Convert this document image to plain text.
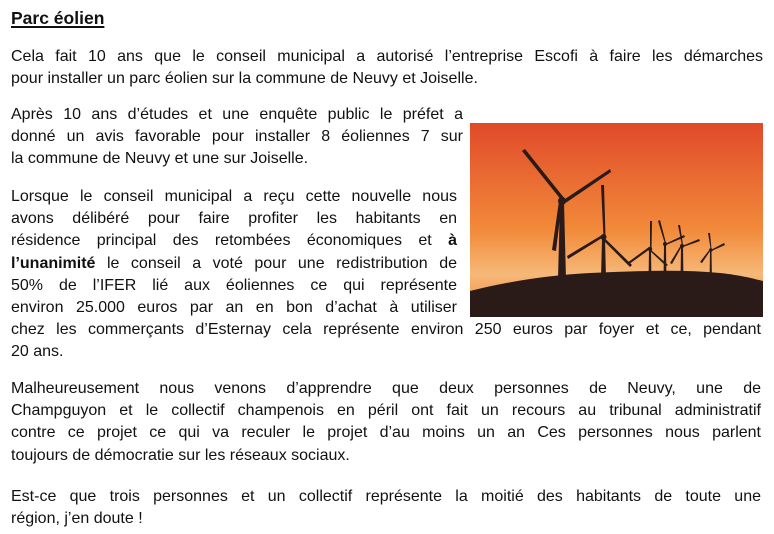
Parc éolien

Cela fait 10 ans que le conseil municipal a autorisé l’entreprise Escofi à faire les démarches
pour installer un parc éolien sur la commune de Neuvy et Joiselle.

Après 10 ans d’études et une enquête public le préfet a
donné un avis favorable pour installer 8 éoliennes 7 sur
la commune de Neuvy et une sur Joiselle.

Lorsque le conseil municipal a reçu cette nouvelle nous
avons délibéré pour faire profiter les habitants en
résidence principal des retombées économiques et à
l’unanimité le conseil a voté pour une redistribution de
50% de l’IFER lié aux éoliennes ce qui représente
environ 25.000 euros par an en bon d’achat à utiliser
chez les commerçants d’Esternay cela représente environ 250 euros par foyer et ce, pendant
20 ans.

Malheureusement nous venons d’apprendre que deux personnes de Neuvy, une de
Champguyon et le collectif champenois en péril ont fait un recours au tribunal administratif
contre ce projet ce qui va reculer le projet d’au moins un an Ces personnes nous parlent
toujours de démocratie sur les réseaux sociaux.

Est-ce que trois personnes et un collectif représente la moitié des habitants de toute une
région, j’en doute !
